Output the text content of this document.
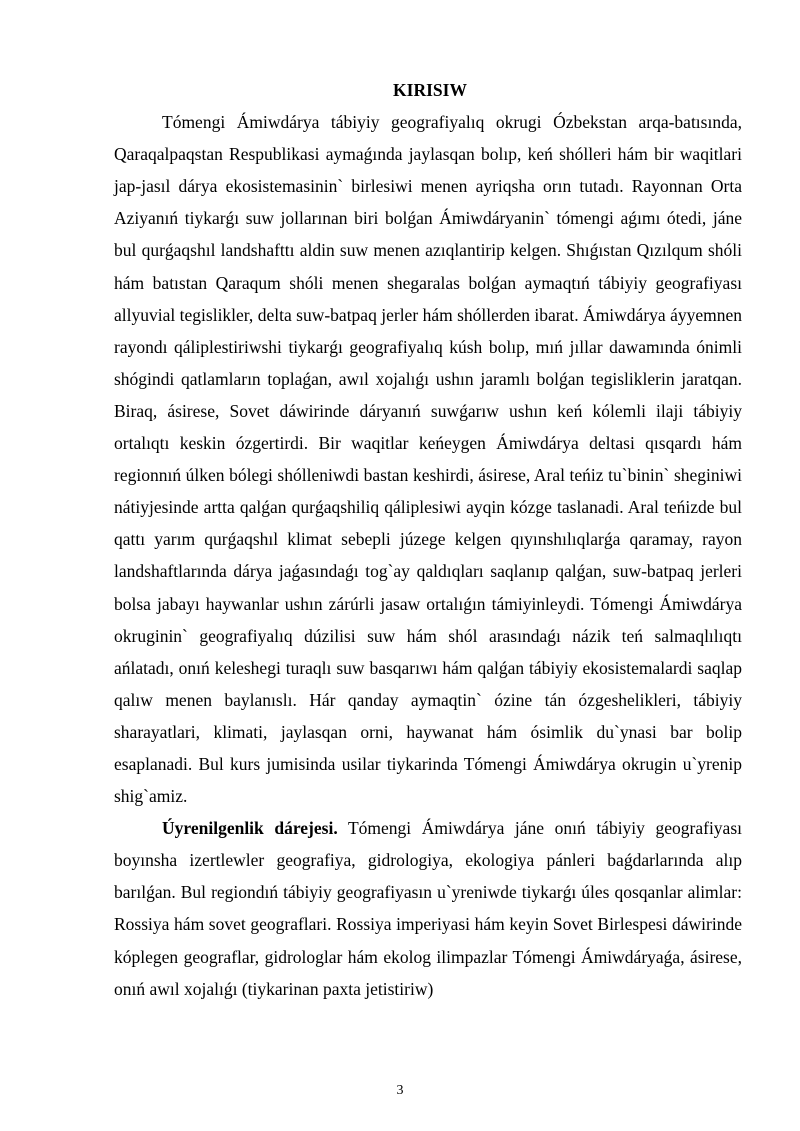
KIRISIW

Tómengi Ámiwdárya tábiyiy geografiyalıq okrugi Ózbekstan arqa-batısında, Qaraqalpaqstan Respublikasi aymaǵında jaylasqan bolıp, keń shólleri hám bir waqitlari jap-jasıl dárya ekosistemasinin` birlesiwi menen ayriqsha orın tutadı. Rayonnan Orta Aziyanıń tiykarǵı suw jollarınan biri bolǵan Ámiwdáryanin` tómengi aǵımı ótedi, jáne bul qurǵaqshıl landshafttı aldin suw menen azıqlantirip kelgen. Shıǵıstan Qızılqum shóli hám batıstan Qaraqum shóli menen shegaralas bolǵan aymaqtıń tábiyiy geografiyası allyuvial tegislikler, delta suw-batpaq jerler hám shóllerden ibarat. Ámiwdárya áyyemnen rayondı qáliplestiriwshi tiykarǵı geografiyalıq kúsh bolıp, mıń jıllar dawamında ónimli shógindi qatlamların toplaǵan, awıl xojalıǵı ushın jaramlı bolǵan tegisliklerin jaratqan. Biraq, ásirese, Sovet dáwirinde dáryanıń suwǵarıw ushın keń kólemli ilaji tábiyiy ortalıqtı keskin ózgertirdi. Bir waqitlar keńeygen Ámiwdárya deltasi qısqardı hám regionnıń úlken bólegi shólleniwdi bastan keshirdi, ásirese, Aral teńiz tu`binin` sheginiwi nátiyjesinde artta qalǵan qurǵaqshiliq qáliplesiwi ayqin kózge taslanadi. Aral teńizde bul qattı yarım qurǵaqshıl klimat sebepli júzege kelgen qıyınshılıqlarǵa qaramay, rayon landshaftlarında dárya jaǵasındaǵı tog`ay qaldıqları saqlanıp qalǵan, suw-batpaq jerleri bolsa jabayı haywanlar ushın zárúrli jasaw ortalıǵın támiyinleydi. Tómengi Ámiwdárya okruginin` geografiyalıq dúzilisi suw hám shól arasındaǵı názik teń salmaqlılıqtı ańlatadı, onıń keleshegi turaqlı suw basqarıwı hám qalǵan tábiyiy ekosistemalardi saqlap qalıw menen baylanıslı. Hár qanday aymaqtin` ózine tán ózgeshelikleri, tábiyiy sharayatlari, klimati, jaylasqan orni, haywanat hám ósimlik du`ynasi bar bolip esaplanadi. Bul kurs jumisinda usilar tiykarinda Tómengi Ámiwdárya okrugin u`yrenip shig`amiz.

Úyrenilgenlik dárejesi. Tómengi Ámiwdárya jáne onıń tábiyiy geografiyası boyınsha izertlewler geografiya, gidrologiya, ekologiya pánleri baǵdarlarında alıp barılǵan. Bul regiondıń tábiyiy geografiyasın u`yreniwde tiykarǵı úles qosqanlar alimlar: Rossiya hám sovet geograflari. Rossiya imperiyasi hám keyin Sovet Birlespesi dáwirinde kóplegen geograflar, gidrologlar hám ekolog ilimpazlar Tómengi Ámiwdáryaǵa, ásirese, onıń awıl xojalıǵı (tiykarinan paxta jetistiriw)

3
